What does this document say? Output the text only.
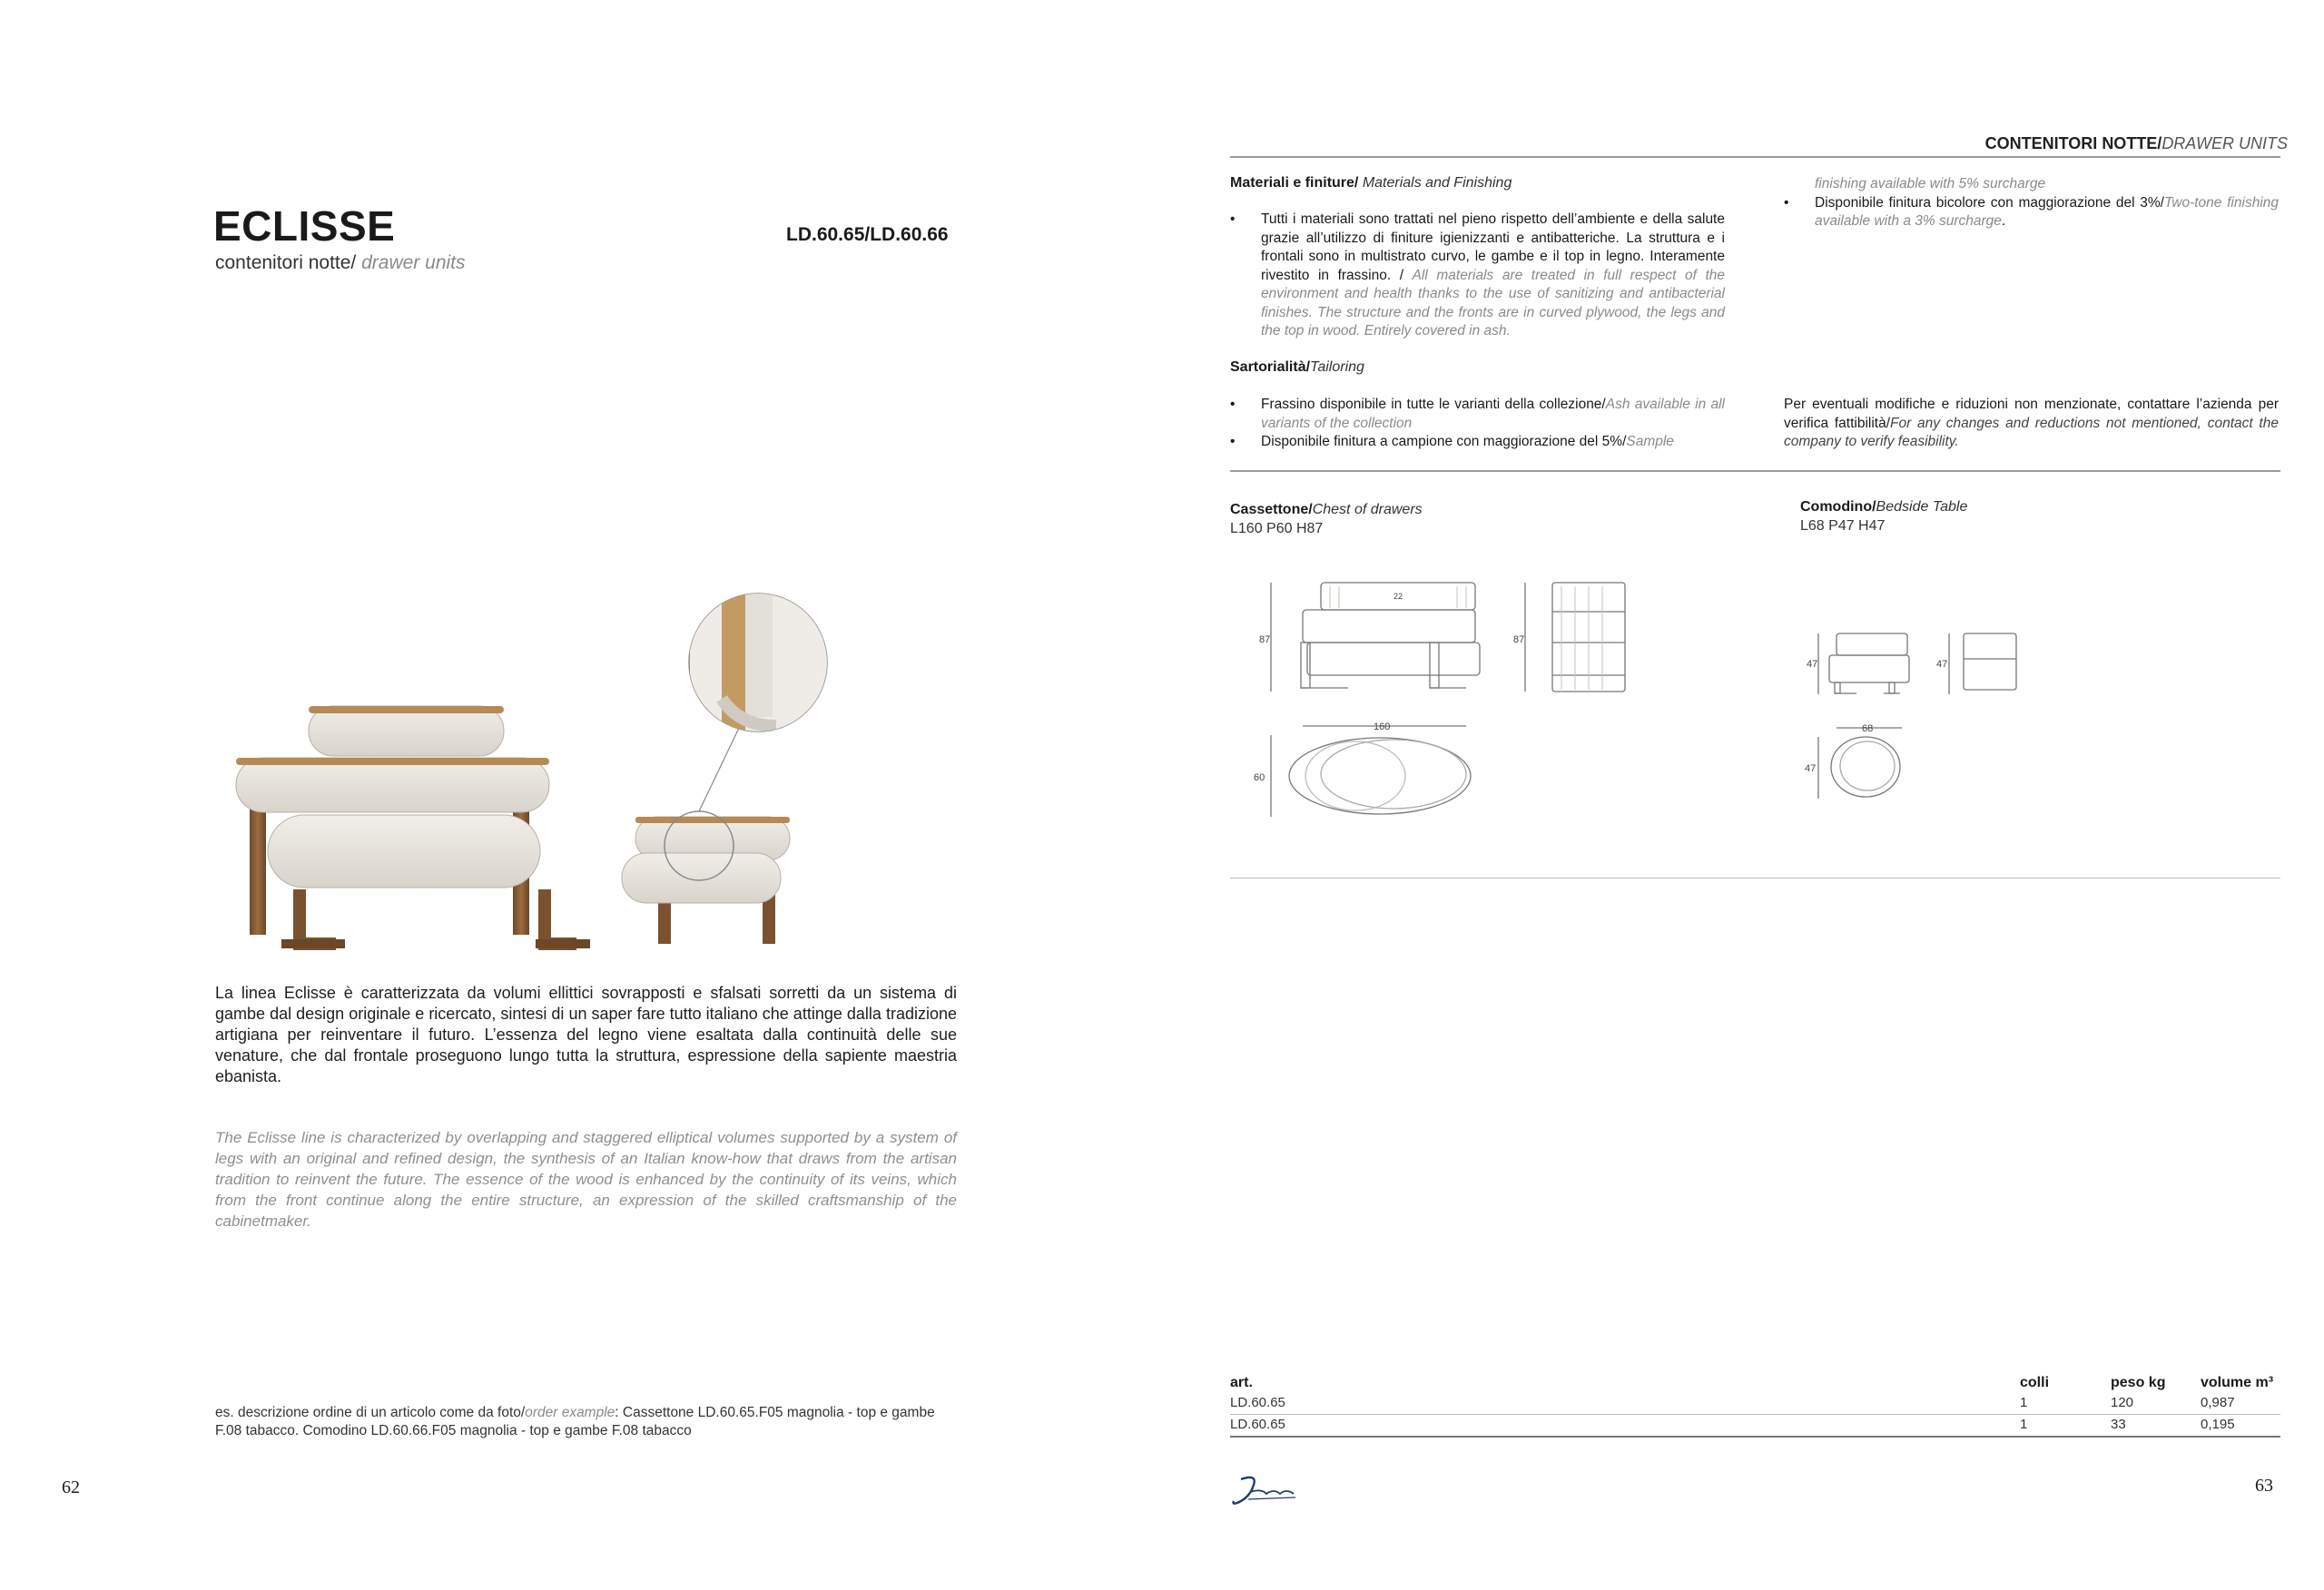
ECLISSE
contenitori notte/ drawer units
LD.60.65/LD.60.66

La linea Eclisse è caratterizzata da volumi ellittici sovrapposti e sfalsati sorretti da un sistema di gambe dal design originale e ricercato, sintesi di un saper fare tutto italiano che attinge dalla tradizione artigiana per reinventare il futuro. L’essenza del legno viene esaltata dalla continuità delle sue venature, che dal frontale proseguono lungo tutta la struttura, espressione della sapiente maestria ebanista.

The Eclisse line is characterized by overlapping and staggered elliptical volumes supported by a system of legs with an original and refined design, the synthesis of an Italian know-how that draws from the artisan tradition to reinvent the future. The essence of the wood is enhanced by the continuity of its veins, which from the front continue along the entire structure, an expression of the skilled craftsmanship of the cabinetmaker.

es. descrizione ordine di un articolo come da foto/order example: Cassettone LD.60.65.F05 magnolia - top e gambe F.08 tabacco. Comodino LD.60.66.F05 magnolia - top e gambe F.08 tabacco
62
CONTENITORI NOTTE/DRAWER UNITS
Materiali e finiture/ Materials and Finishing
•	Tutti i materiali sono trattati nel pieno rispetto dell’ambiente e della salute grazie all’utilizzo di finiture igienizzanti e antibatteriche. La struttura e i frontali sono in multistrato curvo, le gambe e il top in legno. Interamente rivestito in frassino. / All materials are treated in full respect of the environment and health thanks to the use of sanitizing and antibacterial finishes. The structure and the fronts are in curved plywood, the legs and the top in wood. Entirely covered in ash.
Sartorialità/Tailoring
•	Frassino disponibile in tutte le varianti della collezione/Ash available in all variants of the collection
•	Disponibile finitura a campione con maggiorazione del 5%/Sample
finishing available with 5% surcharge
•	Disponibile finitura bicolore con maggiorazione del 3%/Two-tone finishing available with a 3% surcharge.
Per eventuali modifiche e riduzioni non menzionate, contattare l’azienda per verifica fattibilità/For any changes and reductions not mentioned, contact the company to verify feasibility.
Cassettone/Chest of drawers
L160 P60 H87
87	87
22
160
60
Comodino/Bedside Table
L68 P47 H47
47	47
68
47
art.	colli	peso kg	volume m³
LD.60.65	1	120	0,987
LD.60.65	1	33	0,195
63
